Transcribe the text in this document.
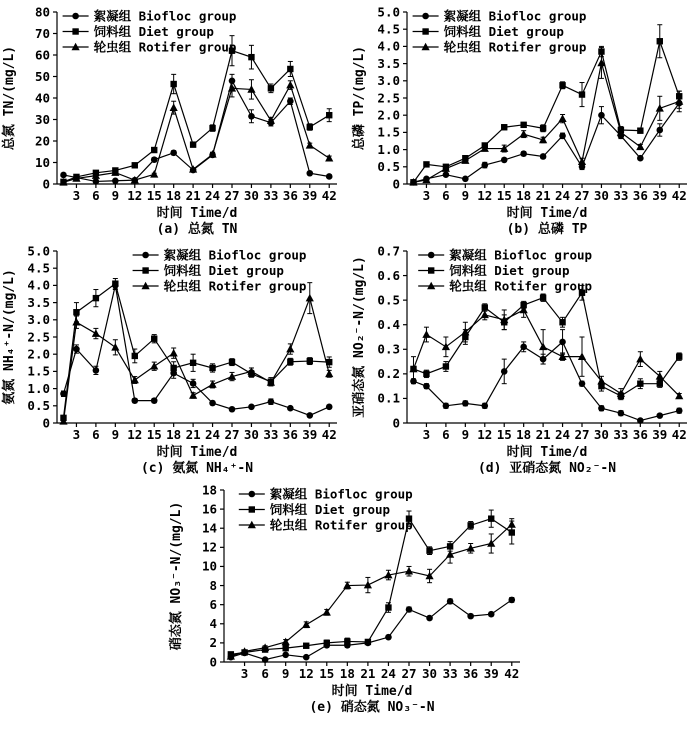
0
10
20
30
40
50
60
70
80
3 6 9 12 15 18 21 24 27 30 33 36 39 42
总氮 TN/(mg/L)
絮凝组 Biofloc group
饲料组 Diet group
轮虫组 Rotifer group
时间 Time/d
(a) 总氮 TN
0
0.5
1.0
1.5
2.0
2.5
3.0
3.5
4.0
4.5
5.0
3 6 9 12 15 18 21 24 27 30 33 36 39 42
总磷 TP/(mg/L)
絮凝组 Biofloc group
饲料组 Diet group
轮虫组 Rotifer group
时间 Time/d
(b) 总磷 TP
0
0.5
1.0
1.5
2.0
2.5
3.0
3.5
4.0
4.5
5.0
3 6 9 12 15 18 21 24 27 30 33 36 39 42
氨氮 NH₄⁺-N/(mg/L)
絮凝组 Biofloc group
饲料组 Diet group
轮虫组 Rotifer group
时间 Time/d
(c) 氨氮 NH₄⁺-N
0
0.1
0.2
0.3
0.4
0.5
0.6
0.7
3 6 9 12 15 18 21 24 27 30 33 36 39 42
亚硝态氮 NO₂⁻-N/(mg/L)
絮凝组 Biofloc group
饲料组 Diet group
轮虫组 Rotifer group
时间 Time/d
(d) 亚硝态氮 NO₂⁻-N
0
2
4
6
8
10
12
14
16
18
3 6 9 12 15 18 21 24 27 30 33 36 39 42
硝态氮 NO₃⁻-N/(mg/L)
絮凝组 Biofloc group
饲料组 Diet group
轮虫组 Rotifer group
时间 Time/d
(e) 硝态氮 NO₃⁻-N
